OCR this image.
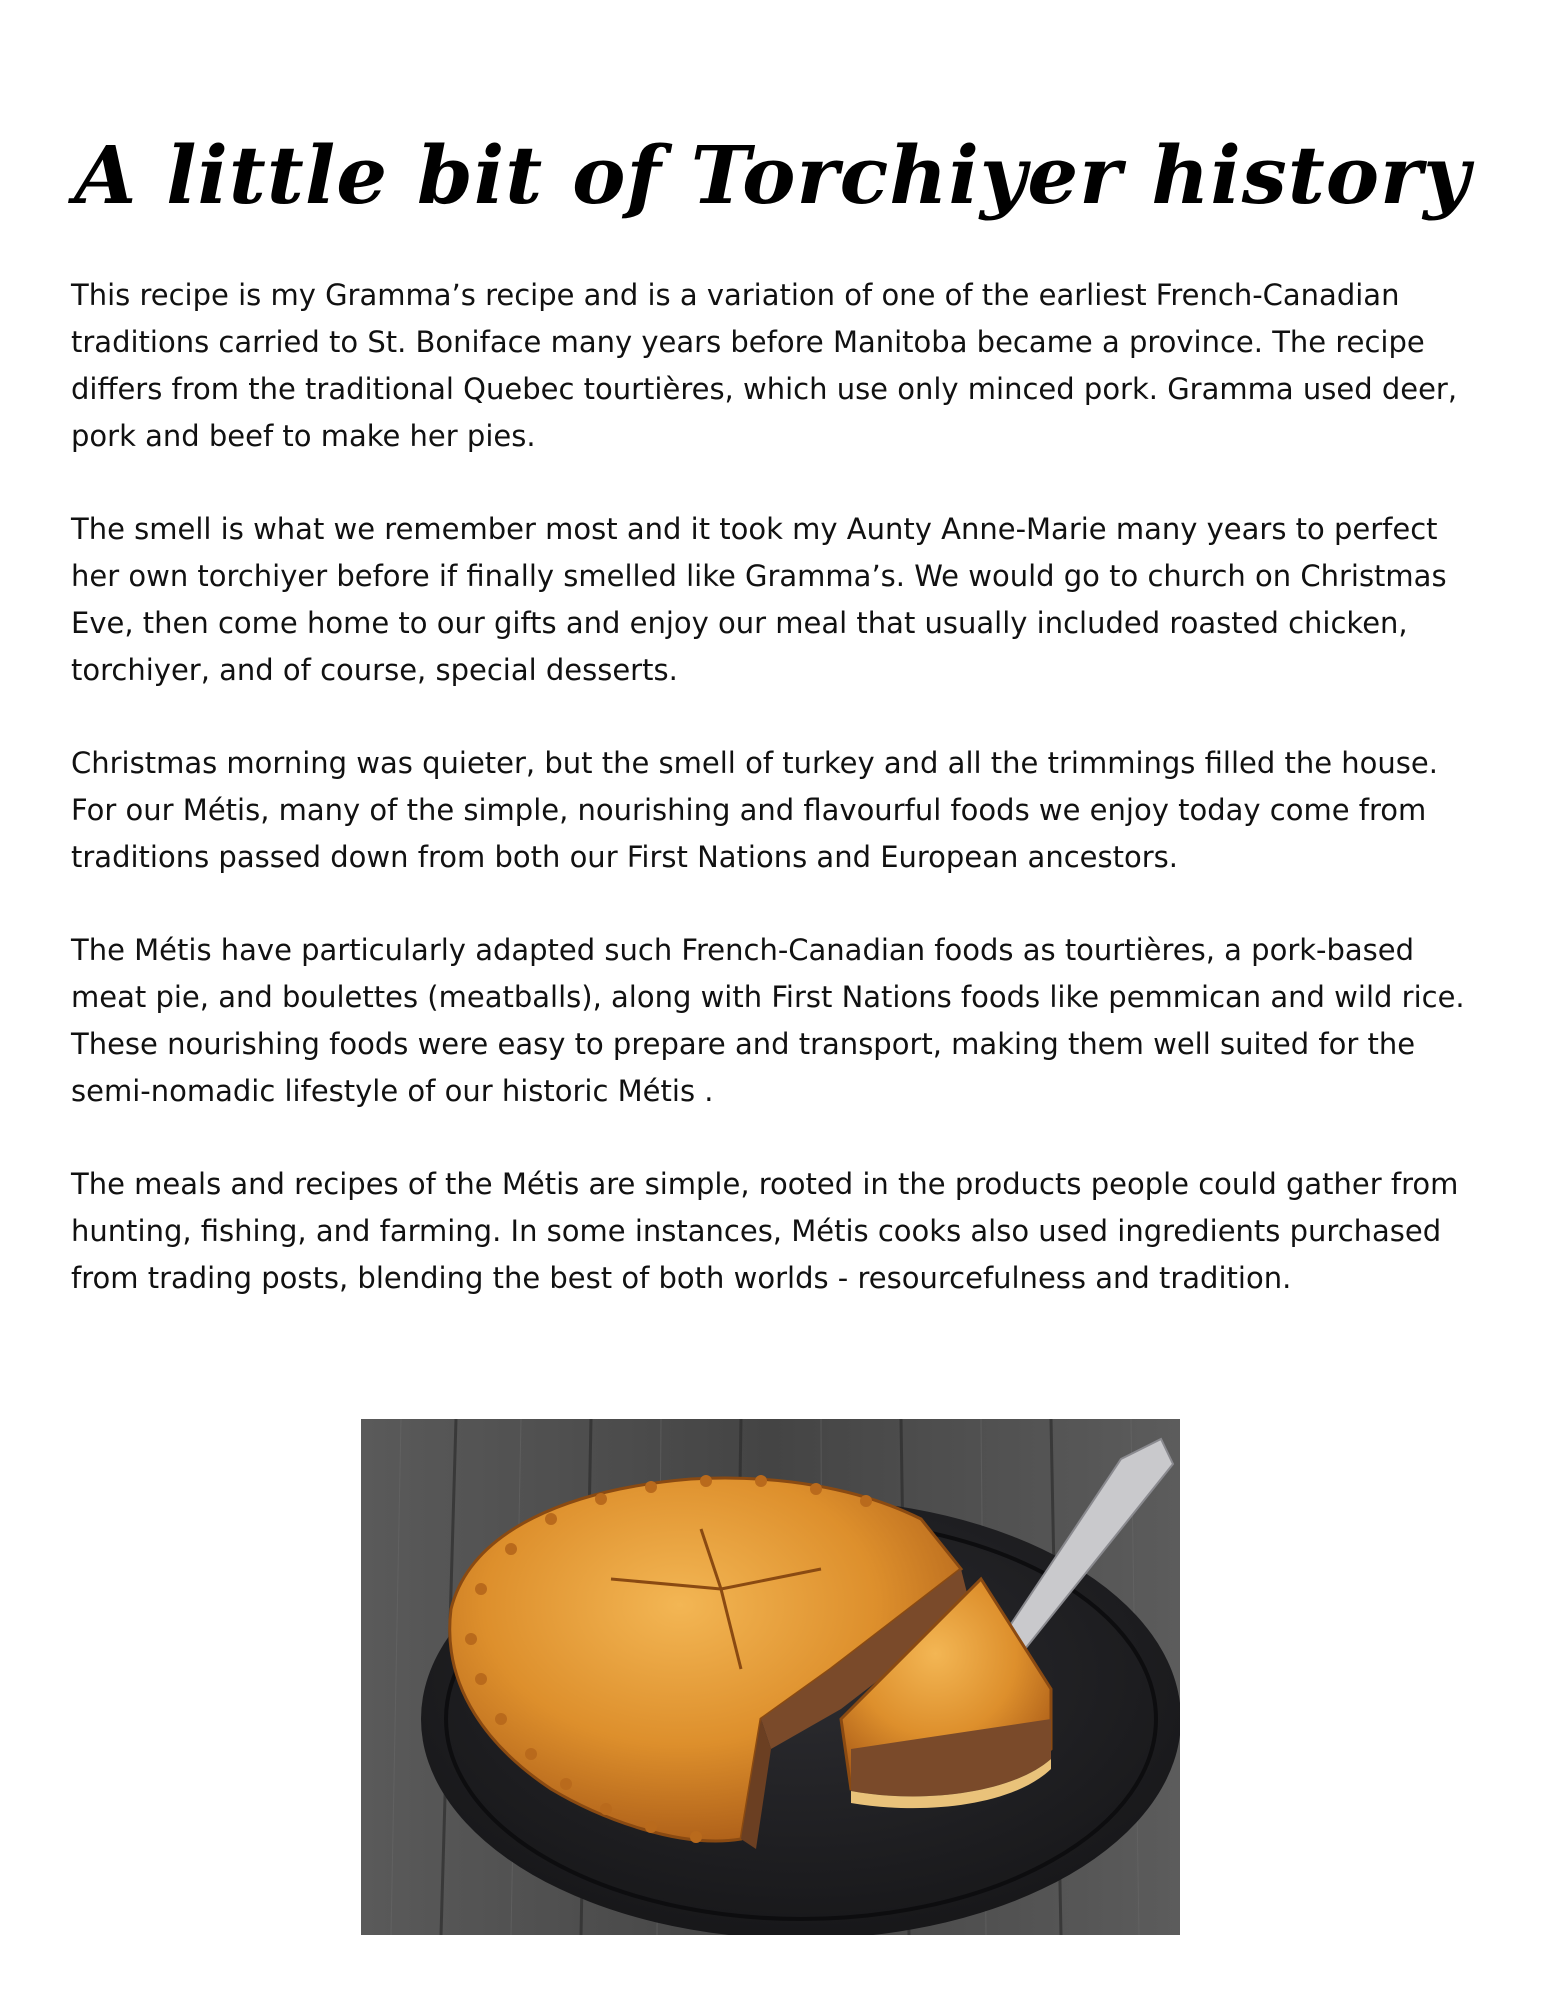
A little bit of Torchiyer history

This recipe is my Gramma’s recipe and is a variation of one of the earliest French-Canadian traditions carried to St. Boniface many years before Manitoba became a province. The recipe differs from the traditional Quebec tourtières, which use only minced pork. Gramma used deer, pork and beef to make her pies.

The smell is what we remember most and it took my Aunty Anne-Marie many years to perfect her own torchiyer before if finally smelled like Gramma’s. We would go to church on Christmas Eve, then come home to our gifts and enjoy our meal that usually included roasted chicken, torchiyer, and of course, special desserts.

Christmas morning was quieter, but the smell of turkey and all the trimmings filled the house. For our Métis, many of the simple, nourishing and flavourful foods we enjoy today come from traditions passed down from both our First Nations and European ancestors.

The Métis have particularly adapted such French-Canadian foods as tourtières, a pork-based meat pie, and boulettes (meatballs), along with First Nations foods like pemmican and wild rice. These nourishing foods were easy to prepare and transport, making them well suited for the semi-nomadic lifestyle of our historic Métis .

The meals and recipes of the Métis are simple, rooted in the products people could gather from hunting, fishing, and farming. In some instances, Métis cooks also used ingredients purchased from trading posts, blending the best of both worlds - resourcefulness and tradition.
